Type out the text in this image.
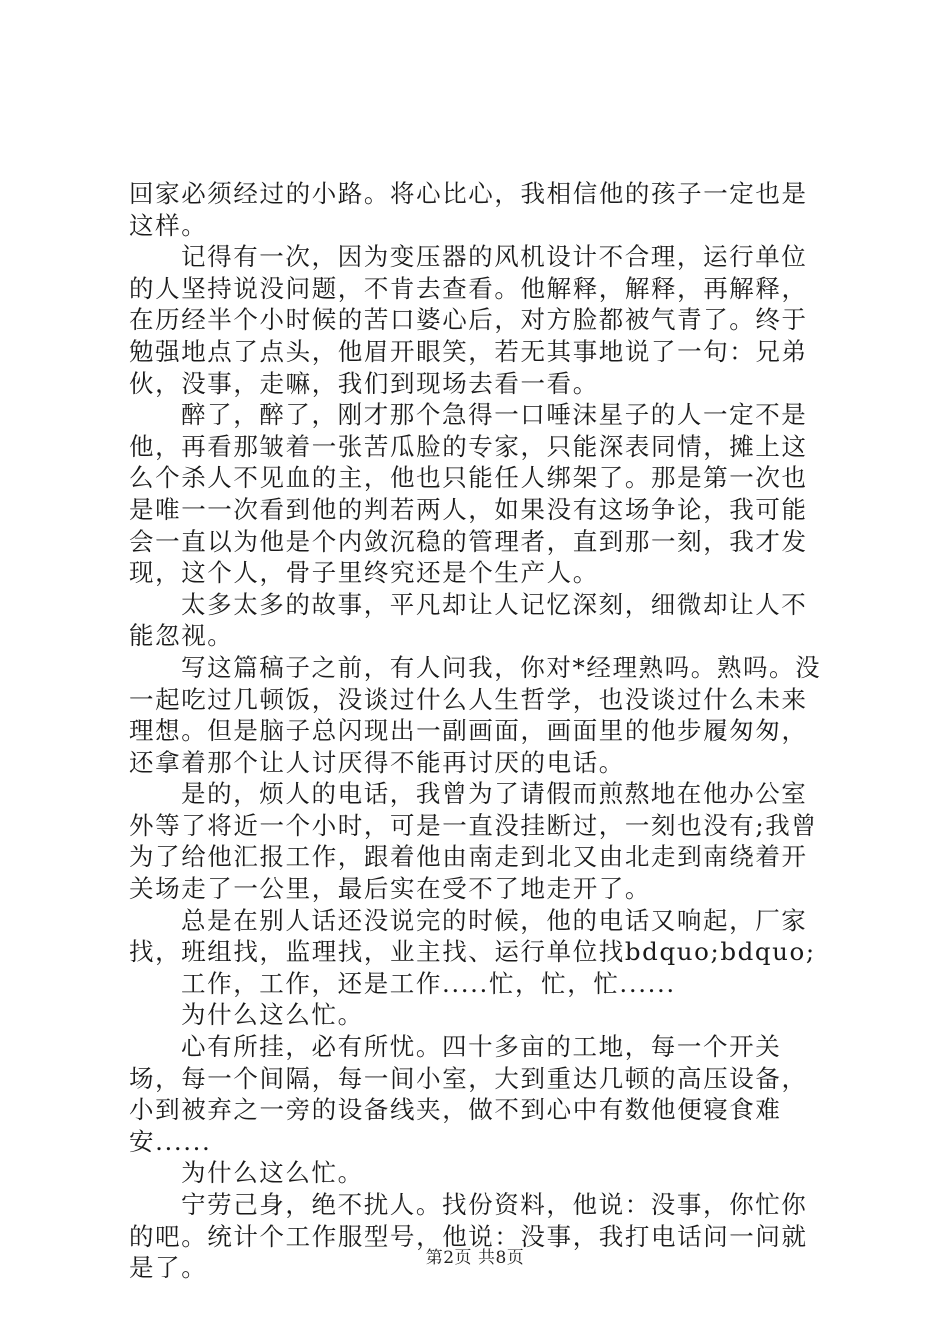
回家必须经过的小路。将心比心，我相信他的孩子一定也是这样。

记得有一次，因为变压器的风机设计不合理，运行单位的人坚持说没问题，不肯去查看。他解释，解释，再解释，在历经半个小时候的苦口婆心后，对方脸都被气青了。终于勉强地点了点头，他眉开眼笑，若无其事地说了一句：兄弟伙，没事，走嘛，我们到现场去看一看。

醉了，醉了，刚才那个急得一口唾沫星子的人一定不是他，再看那皱着一张苦瓜脸的专家，只能深表同情，摊上这么个杀人不见血的主，他也只能任人绑架了。那是第一次也是唯一一次看到他的判若两人，如果没有这场争论，我可能会一直以为他是个内敛沉稳的管理者，直到那一刻，我才发现，这个人，骨子里终究还是个生产人。

太多太多的故事，平凡却让人记忆深刻，细微却让人不能忽视。

写这篇稿子之前，有人问我，你对*经理熟吗。熟吗。没一起吃过几顿饭，没谈过什么人生哲学，也没谈过什么未来理想。但是脑子总闪现出一副画面，画面里的他步履匆匆，还拿着那个让人讨厌得不能再讨厌的电话。

是的，烦人的电话，我曾为了请假而煎熬地在他办公室外等了将近一个小时，可是一直没挂断过，一刻也没有;我曾为了给他汇报工作，跟着他由南走到北又由北走到南绕着开关场走了一公里，最后实在受不了地走开了。

总是在别人话还没说完的时候，他的电话又响起，厂家找，班组找，监理找，业主找、运行单位找bdquo;bdquo;

工作，工作，还是工作.....忙，忙，忙......

为什么这么忙。

心有所挂，必有所忧。四十多亩的工地，每一个开关场，每一个间隔，每一间小室，大到重达几顿的高压设备，小到被弃之一旁的设备线夹，做不到心中有数他便寝食难安......

为什么这么忙。

宁劳己身，绝不扰人。找份资料，他说：没事，你忙你的吧。统计个工作服型号，他说：没事，我打电话问一问就是了。	第2页 共8页
